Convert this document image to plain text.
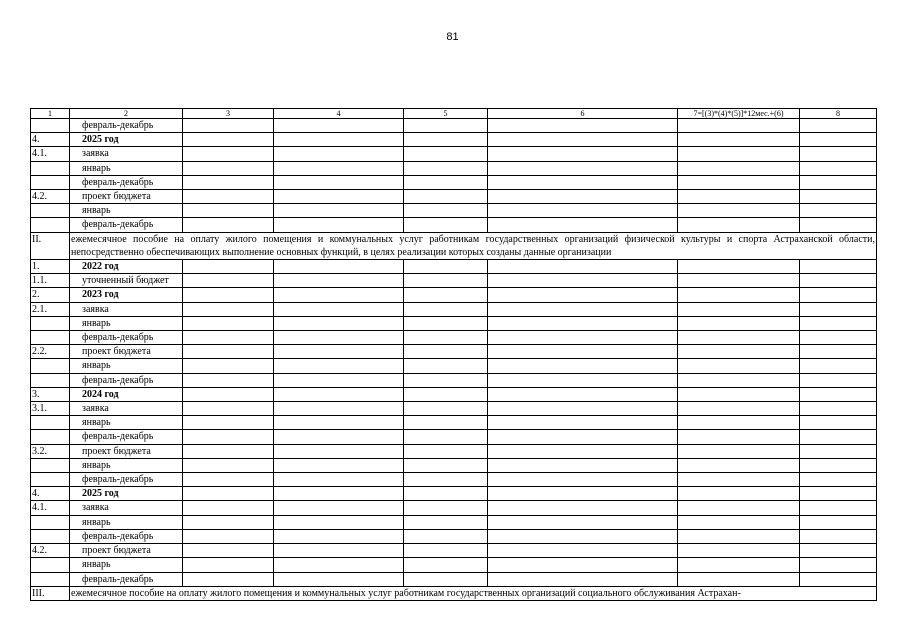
81
1	2	3	4	5	6	7=[(3)*(4)*(5)]*12мес.+(6)	8
	февраль-декабрь						
4.	2025 год						
4.1.	заявка						
	январь						
	февраль-декабрь						
4.2.	проект бюджета						
	январь						
	февраль-декабрь						
II.	ежемесячное пособие на оплату жилого помещения и коммунальных услуг работникам государственных организаций физической культуры и спорта Астраханской области, непосредственно обеспечивающих выполнение основных функций, в целях реализации которых созданы данные организации						
1.	2022 год						
1.1.	уточненный бюджет						
2.	2023 год						
2.1.	заявка						
	январь						
	февраль-декабрь						
2.2.	проект бюджета						
	январь						
	февраль-декабрь						
3.	2024 год						
3.1.	заявка						
	январь						
	февраль-декабрь						
3.2.	проект бюджета						
	январь						
	февраль-декабрь						
4.	2025 год						
4.1.	заявка						
	январь						
	февраль-декабрь						
4.2.	проект бюджета						
	январь						
	февраль-декабрь						
III.	ежемесячное пособие на оплату жилого помещения и коммунальных услуг работникам государственных организаций социального обслуживания Астрахан-						
